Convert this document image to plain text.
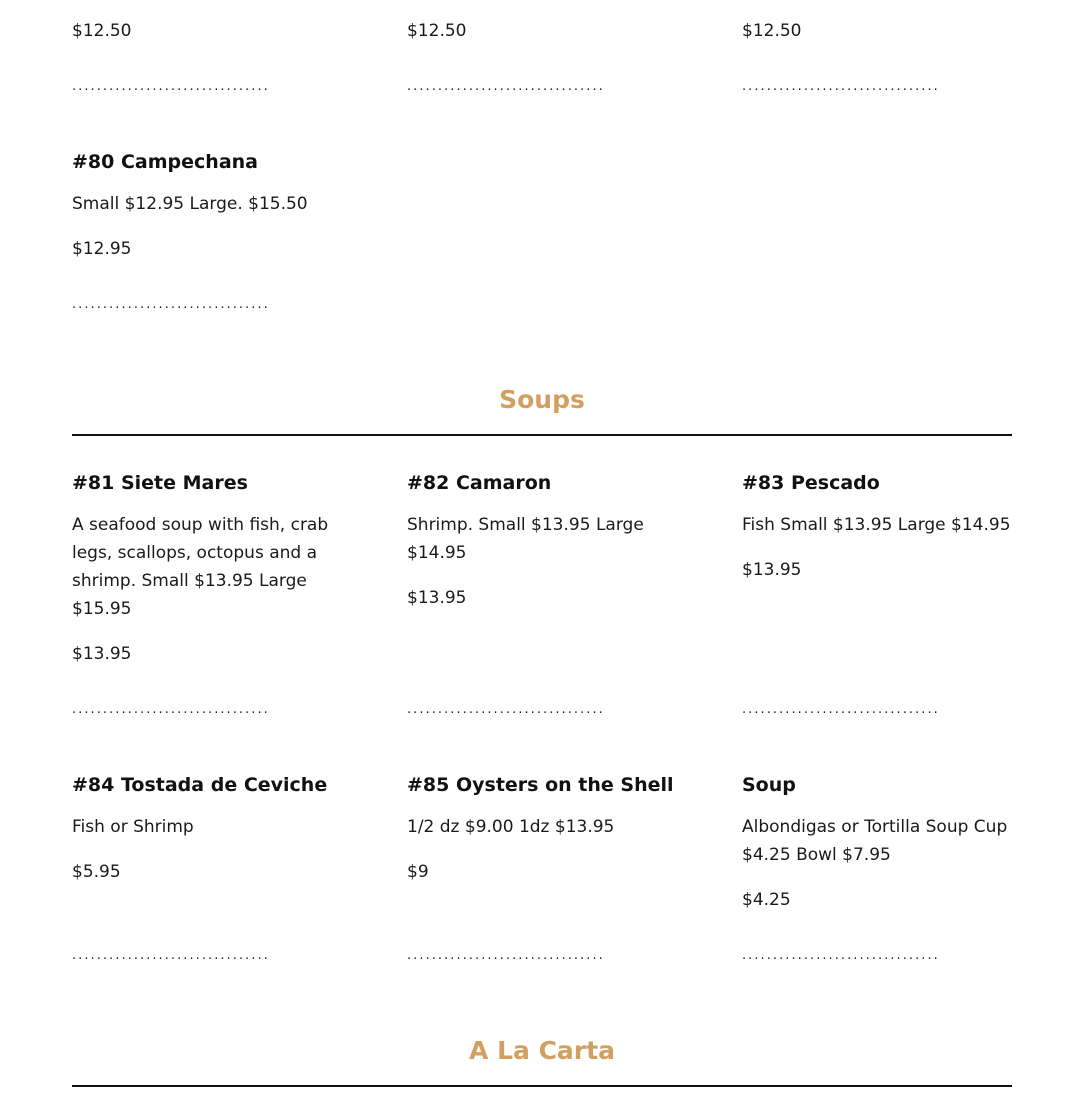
$12.50	$12.50	$12.50

................................	................................	................................

#80 Campechana

Small $12.95 Large. $15.50

$12.95

................................
Soups

#81 Siete Mares

A seafood soup with fish, crab legs, scallops, octopus and a shrimp. Small $13.95 Large $15.95

$13.95

#82 Camaron

Shrimp. Small $13.95 Large $14.95

$13.95

#83 Pescado

Fish Small $13.95 Large $14.95

$13.95

................................	................................	................................

#84 Tostada de Ceviche

Fish or Shrimp

$5.95

#85 Oysters on the Shell

1/2 dz $9.00 1dz $13.95

$9

Soup

Albondigas or Tortilla Soup Cup $4.25 Bowl $7.95

$4.25

................................	................................	................................
A La Carta
